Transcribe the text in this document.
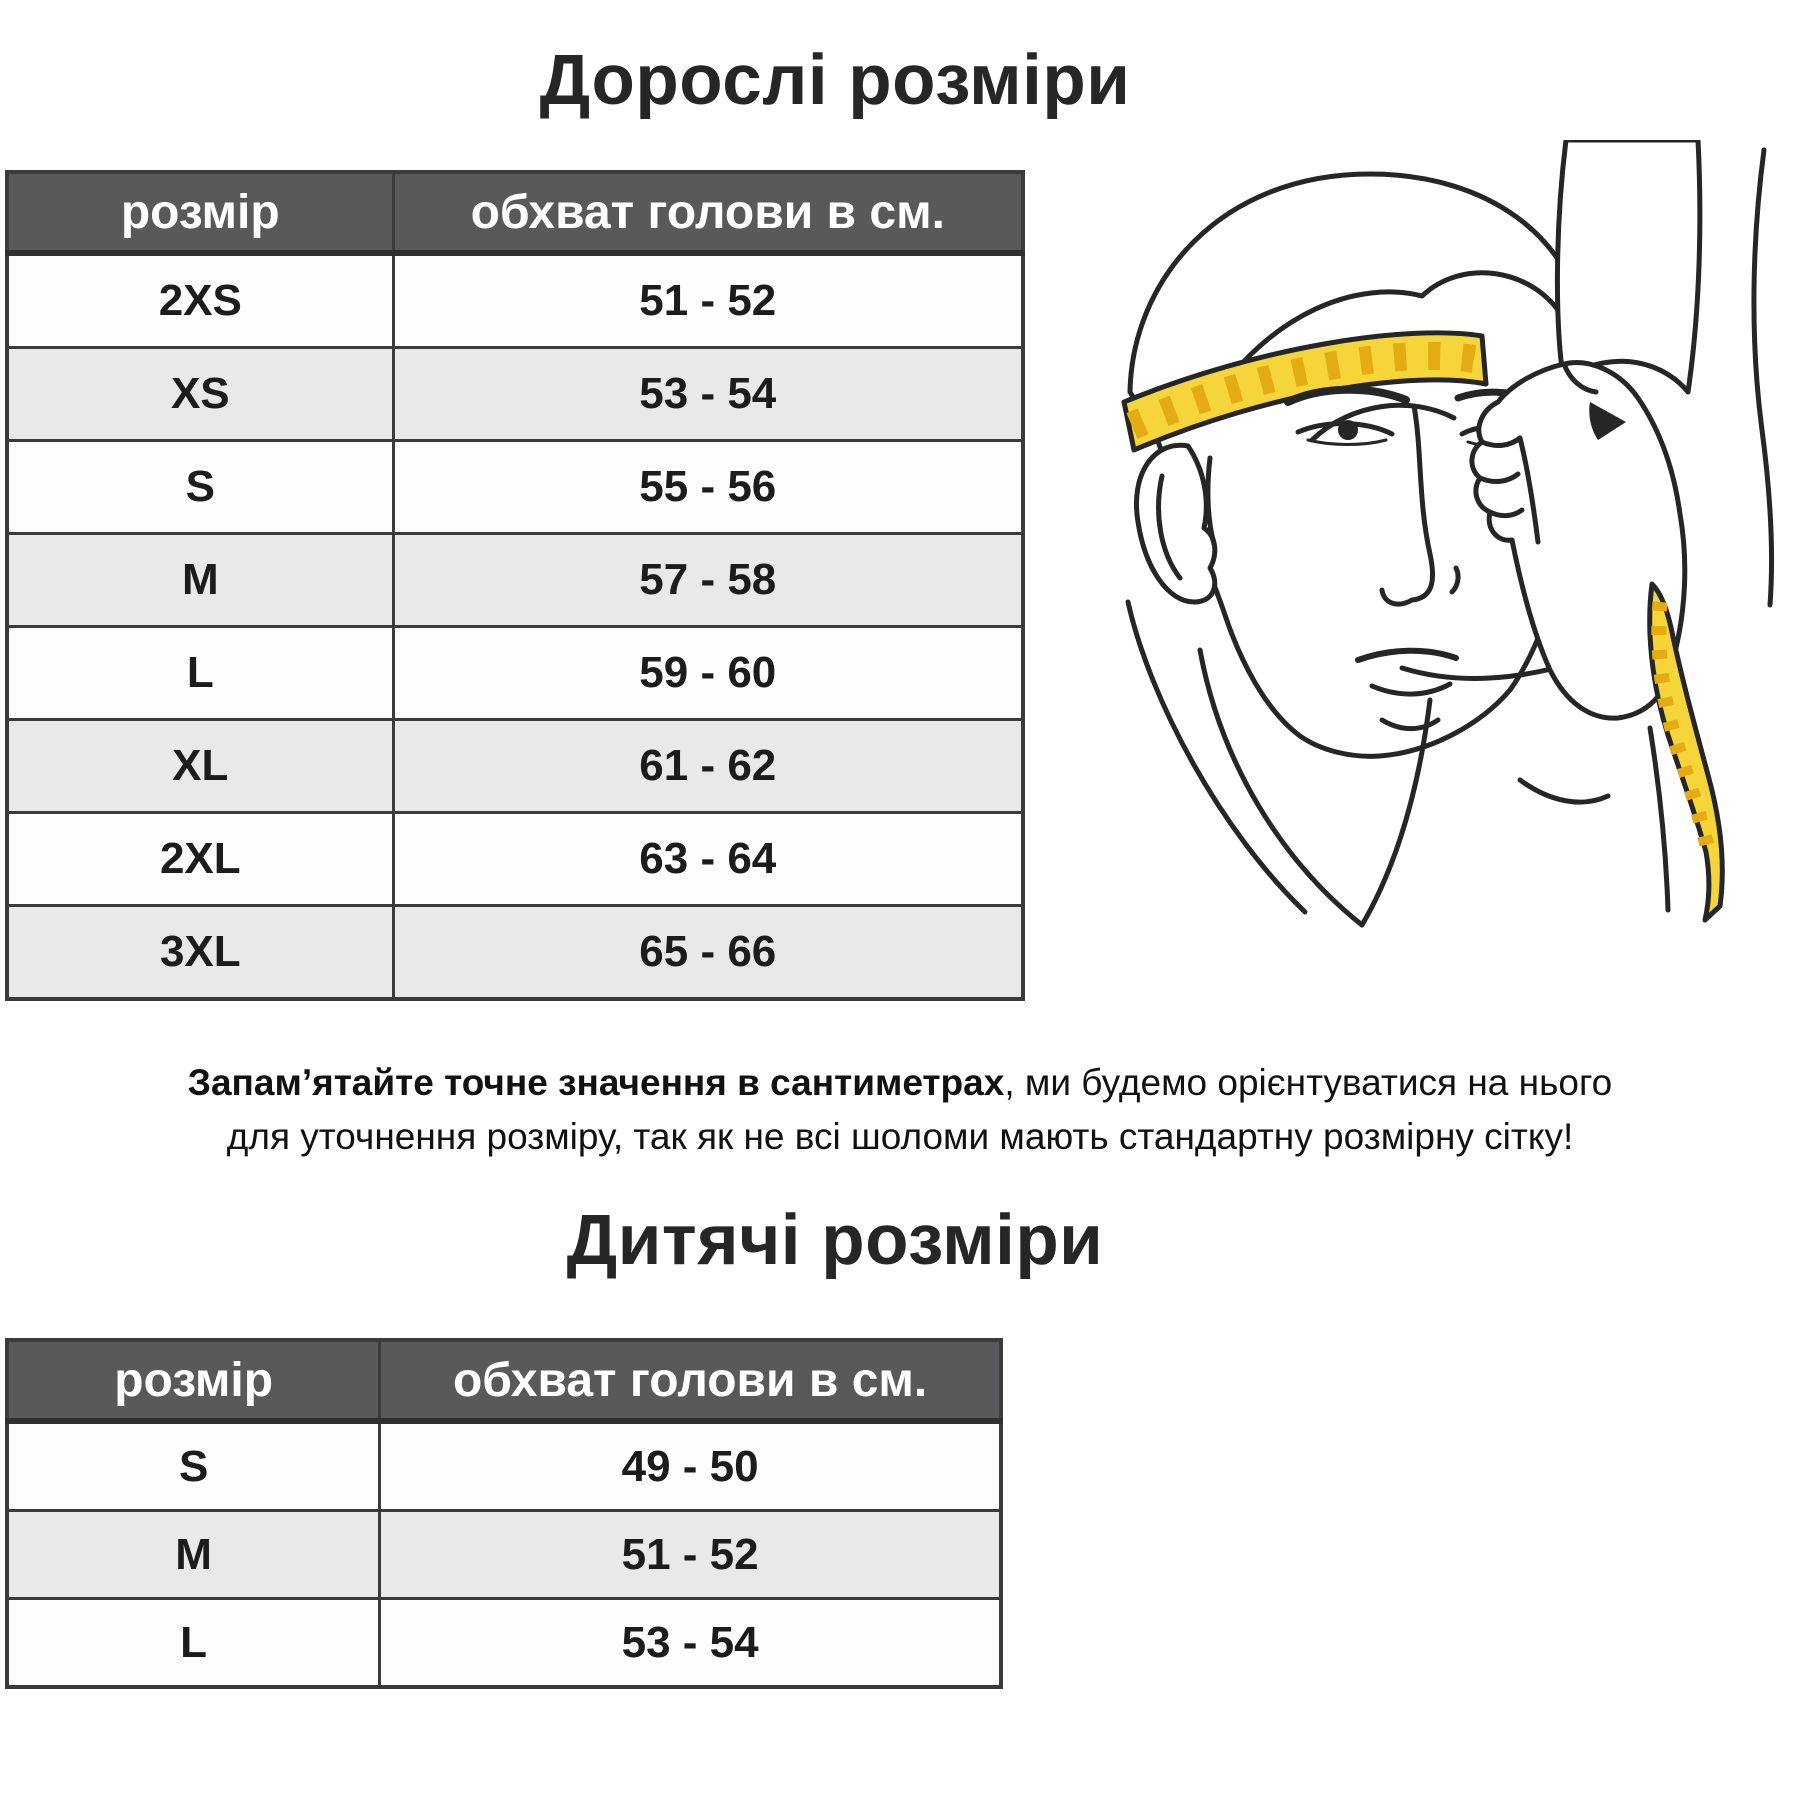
Дорослі розміри
розмір	обхват голови в см.
2XS	51 - 52
XS	53 - 54
S	55 - 56
M	57 - 58
L	59 - 60
XL	61 - 62
2XL	63 - 64
3XL	65 - 66
Запам’ятайте точне значення в сантиметрах, ми будемо орієнтуватися на нього
для уточнення розміру, так як не всі шоломи мають стандартну розмірну сітку!
Дитячі розміри
розмір	обхват голови в см.
S	49 - 50
M	51 - 52
L	53 - 54
